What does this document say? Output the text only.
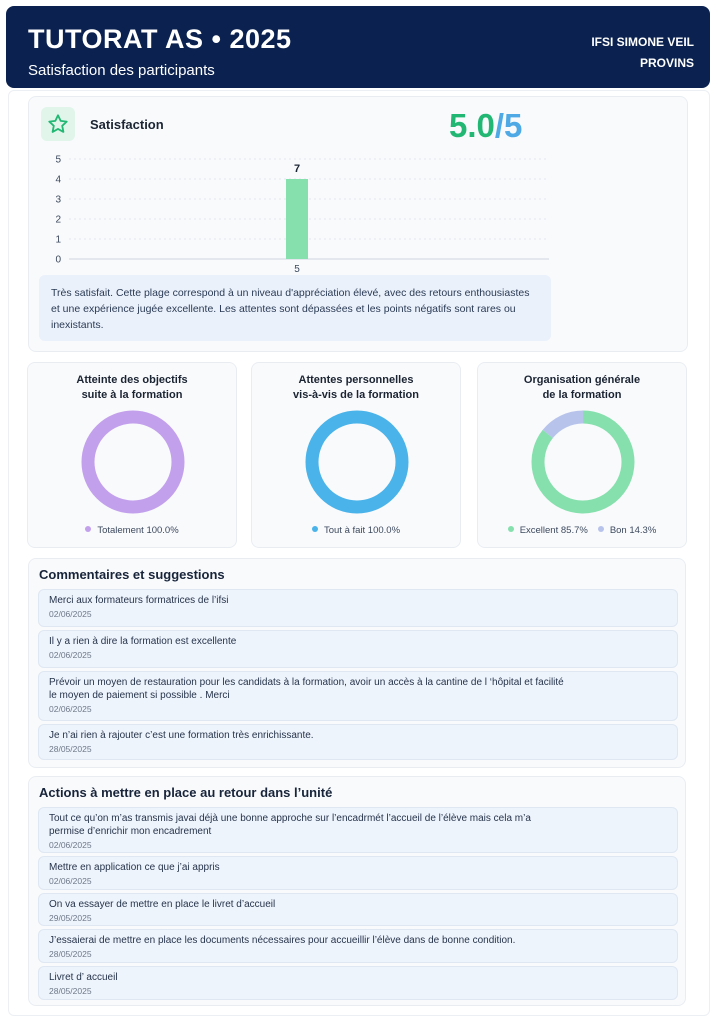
TUTORAT AS • 2025
Satisfaction des participants
IFSI SIMONE VEIL
PROVINS
Satisfaction	5.0/5
0
1
2
3
4
5
7
5
Très satisfait. Cette plage correspond à un niveau d'appréciation élevé, avec des retours enthousiastes et une expérience jugée excellente. Les attentes sont dépassées et les points négatifs sont rares ou inexistants.
Atteinte des objectifs
suite à la formation
Totalement 100.0%
Attentes personnelles
vis-à-vis de la formation
Tout à fait 100.0%
Organisation générale
de la formation
Excellent 85.7% Bon 14.3%
Commentaires et suggestions
Merci aux formateurs formatrices de l’ifsi
02/06/2025
Il y a rien à dire la formation est excellente
02/06/2025
Prévoir un moyen de restauration pour les candidats à la formation, avoir un accès à la cantine de l ‘hôpital et facilité le moyen de paiement si possible . Merci
02/06/2025
Je n’ai rien à rajouter c’est une formation très enrichissante.
28/05/2025
Actions à mettre en place au retour dans l’unité
Tout ce qu’on m’as transmis javai déjà une bonne approche sur l’encadrmét l’accueil de l’élève mais cela m’a permise d’enrichir mon encadrement
02/06/2025
Mettre en application ce que j’ai appris
02/06/2025
On va essayer de mettre en place le livret d’accueil
29/05/2025
J’essaierai de mettre en place les documents nécessaires pour accueillir l’élève dans de bonne condition.
28/05/2025
Livret d’ accueil
28/05/2025
